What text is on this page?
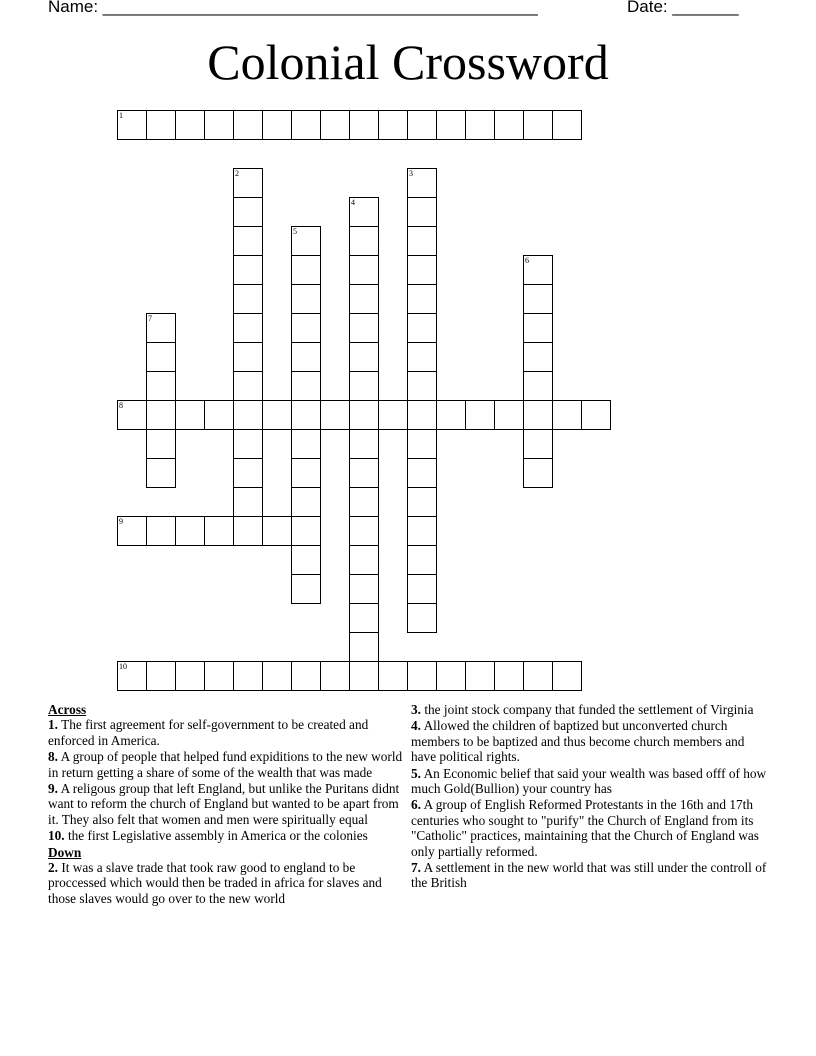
Name: ______________________________________________	Date: _______
Colonial Crossword
1
2	3
4
5
6
7
8
9
10
Across
1. The first agreement for self-government to be created and enforced in America.
8. A group of people that helped fund expiditions to the new world in return getting a share of some of the wealth that was made
9. A religous group that left England, but unlike the Puritans didnt want to reform the church of England but wanted to be apart from it. They also felt that women and men were spiritually equal
10. the first Legislative assembly in America or the colonies
Down
2. It was a slave trade that took raw good to england to be proccessed which would then be traded in africa for slaves and those slaves would go over to the new world
3. the joint stock company that funded the settlement of Virginia
4. Allowed the children of baptized but unconverted church members to be baptized and thus become church members and have political rights.
5. An Economic belief that said your wealth was based offf of how much Gold(Bullion) your country has
6. A group of English Reformed Protestants in the 16th and 17th centuries who sought to "purify" the Church of England from its "Catholic" practices, maintaining that the Church of England was only partially reformed.
7. A settlement in the new world that was still under the controll of the British
